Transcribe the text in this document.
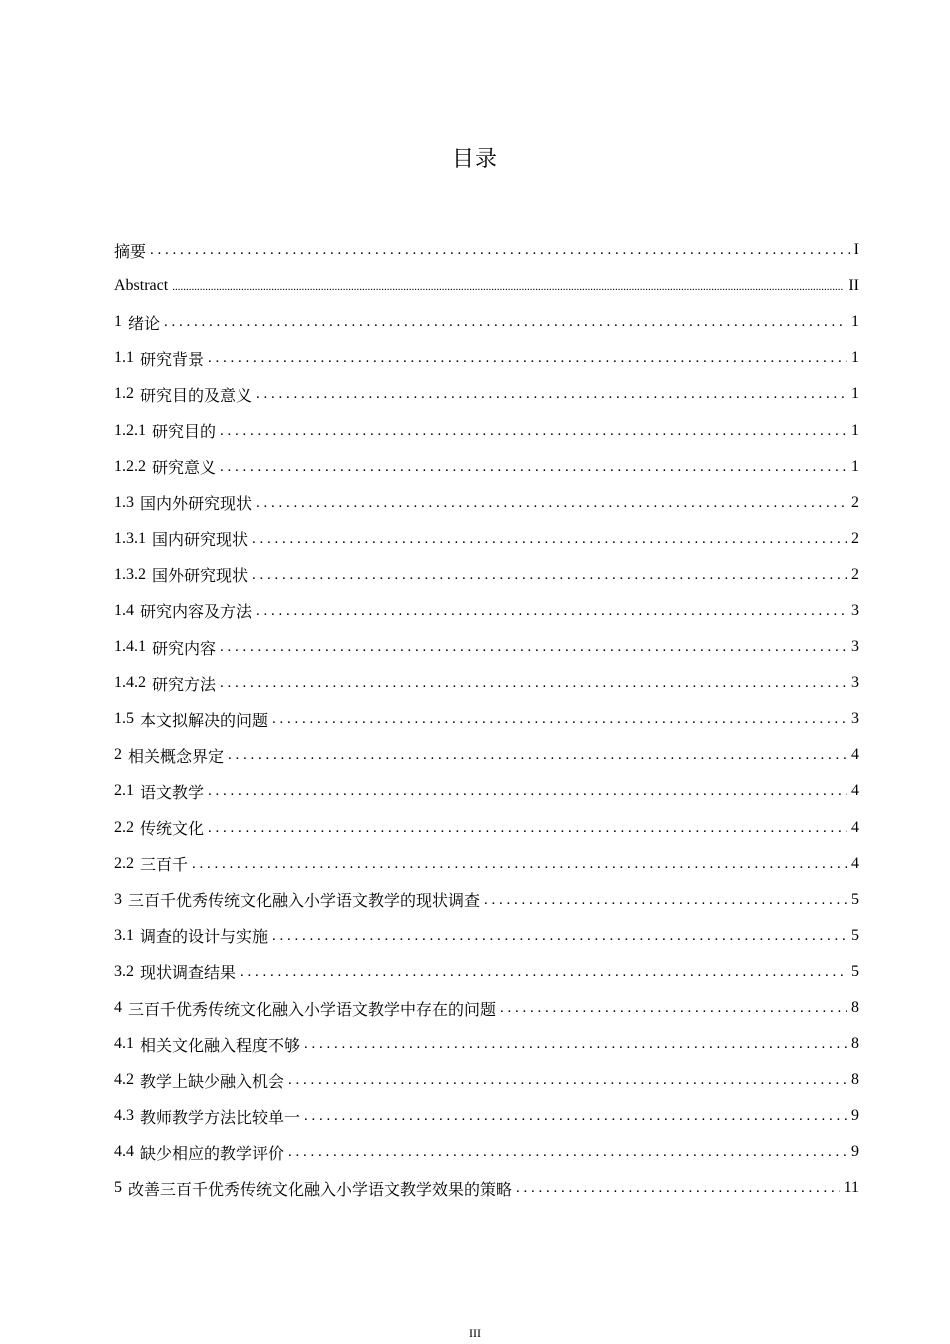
目录
摘要 . . .	I
Abstract .....	II
1 绪论 . . .	1
1.1 研究背景 . . .	1
1.2 研究目的及意义 . . .	1
1.2.1 研究目的 . . .	1
1.2.2 研究意义 . . .	1
1.3 国内外研究现状 . . .	2
1.3.1 国内研究现状 . . .	2
1.3.2 国外研究现状 . . .	2
1.4 研究内容及方法 . . .	3
1.4.1 研究内容 . . .	3
1.4.2 研究方法 . . .	3
1.5 本文拟解决的问题 . . .	3
2 相关概念界定 . . .	4
2.1 语文教学 . . .	4
2.2 传统文化 . . .	4
2.2 三百千 . . .	4
3 三百千优秀传统文化融入小学语文教学的现状调查 . . .	5
3.1 调查的设计与实施 . . .	5
3.2 现状调查结果 . . .	5
4 三百千优秀传统文化融入小学语文教学中存在的问题 . . .	8
4.1 相关文化融入程度不够 . . .	8
4.2 教学上缺少融入机会 . . .	8
4.3 教师教学方法比较单一 . . .	9
4.4 缺少相应的教学评价 . . .	9
5 改善三百千优秀传统文化融入小学语文教学效果的策略 . . .	11
III
